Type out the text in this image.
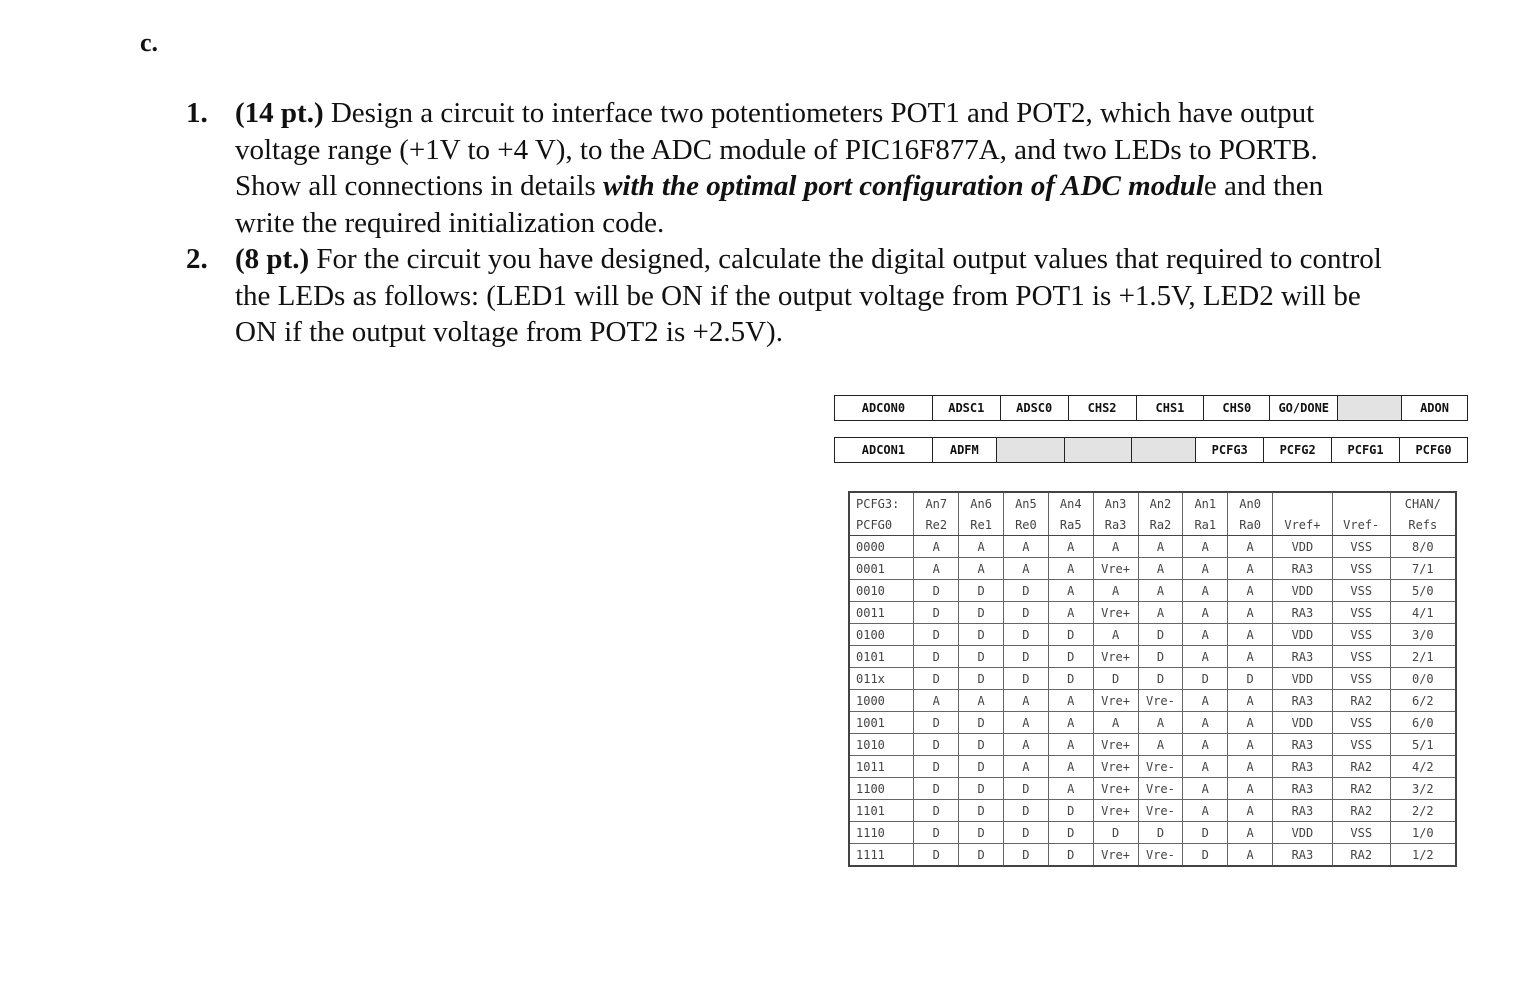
c.
1. (14 pt.) Design a circuit to interface two potentiometers POT1 and POT2, which have output voltage range (+1V to +4 V), to the ADC module of PIC16F877A, and two LEDs to PORTB. Show all connections in details with the optimal port configuration of ADC module and then write the required initialization code.
2. (8 pt.) For the circuit you have designed, calculate the digital output values that required to control the LEDs as follows: (LED1 will be ON if the output voltage from POT1 is +1.5V, LED2 will be ON if the output voltage from POT2 is +2.5V).
ADCON0	ADSC1	ADSC0	CHS2	CHS1	CHS0	GO/DONE		ADON
ADCON1	ADFM				PCFG3	PCFG2	PCFG1	PCFG0
PCFG3:	An7	An6	An5	An4	An3	An2	An1	An0			CHAN/
PCFG0	Re2	Re1	Re0	Ra5	Ra3	Ra2	Ra1	Ra0	Vref+	Vref-	Refs
0000	A	A	A	A	A	A	A	A	VDD	VSS	8/0
0001	A	A	A	A	Vre+	A	A	A	RA3	VSS	7/1
0010	D	D	D	A	A	A	A	A	VDD	VSS	5/0
0011	D	D	D	A	Vre+	A	A	A	RA3	VSS	4/1
0100	D	D	D	D	A	D	A	A	VDD	VSS	3/0
0101	D	D	D	D	Vre+	D	A	A	RA3	VSS	2/1
011x	D	D	D	D	D	D	D	D	VDD	VSS	0/0
1000	A	A	A	A	Vre+	Vre-	A	A	RA3	RA2	6/2
1001	D	D	A	A	A	A	A	A	VDD	VSS	6/0
1010	D	D	A	A	Vre+	A	A	A	RA3	VSS	5/1
1011	D	D	A	A	Vre+	Vre-	A	A	RA3	RA2	4/2
1100	D	D	D	A	Vre+	Vre-	A	A	RA3	RA2	3/2
1101	D	D	D	D	Vre+	Vre-	A	A	RA3	RA2	2/2
1110	D	D	D	D	D	D	D	A	VDD	VSS	1/0
1111	D	D	D	D	Vre+	Vre-	D	A	RA3	RA2	1/2
